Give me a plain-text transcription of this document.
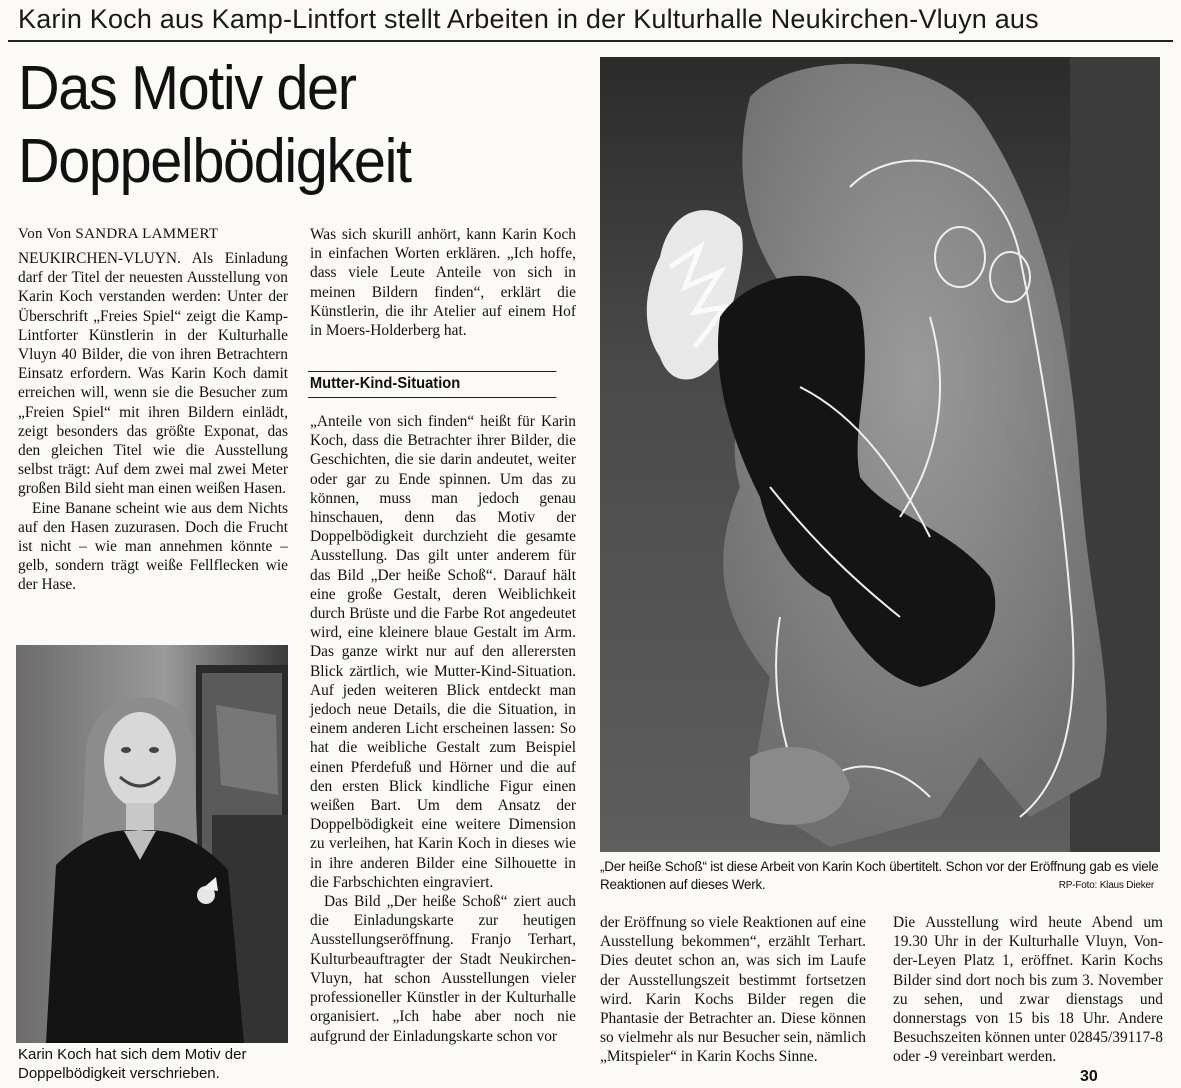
Karin Koch aus Kamp-Lintfort stellt Arbeiten in der Kulturhalle Neukirchen-Vluyn aus
Das Motiv der
Doppelbödigkeit
Von Von SANDRA LAMMERT

NEUKIRCHEN-VLUYN. Als Einladung darf der Titel der neuesten Ausstellung von Karin Koch verstanden werden: Unter der Überschrift „Freies Spiel“ zeigt die Kamp-Lintforter Künstlerin in der Kulturhalle Vluyn 40 Bilder, die von ihren Betrachtern Einsatz erfordern. Was Karin Koch damit erreichen will, wenn sie die Besucher zum „Freien Spiel“ mit ihren Bildern einlädt, zeigt besonders das größte Exponat, das den gleichen Titel wie die Ausstellung selbst trägt: Auf dem zwei mal zwei Meter großen Bild sieht man einen weißen Hasen.

Eine Banane scheint wie aus dem Nichts auf den Hasen zuzurasen. Doch die Frucht ist nicht – wie man annehmen könnte – gelb, sondern trägt weiße Fellflecken wie der Hase.

Was sich skurill anhört, kann Karin Koch in einfachen Worten erklären. „Ich hoffe, dass viele Leute Anteile von sich in meinen Bildern finden“, erklärt die Künstlerin, die ihr Atelier auf einem Hof in Moers-Holderberg hat.

Mutter-Kind-Situation

„Anteile von sich finden“ heißt für Karin Koch, dass die Betrachter ihrer Bilder, die Geschichten, die sie darin andeutet, weiter oder gar zu Ende spinnen. Um das zu können, muss man jedoch genau hinschauen, denn das Motiv der Doppelbödigkeit durchzieht die gesamte Ausstellung. Das gilt unter anderem für das Bild „Der heiße Schoß“. Darauf hält eine große Gestalt, deren Weiblichkeit durch Brüste und die Farbe Rot angedeutet wird, eine kleinere blaue Gestalt im Arm. Das ganze wirkt nur auf den allerersten Blick zärtlich, wie Mutter-Kind-Situation. Auf jeden weiteren Blick entdeckt man jedoch neue Details, die die Situation, in einem anderen Licht erscheinen lassen: So hat die weibliche Gestalt zum Beispiel einen Pferdefuß und Hörner und die auf den ersten Blick kindliche Figur einen weißen Bart. Um dem Ansatz der Doppelbödigkeit eine weitere Dimension zu verleihen, hat Karin Koch in dieses wie in ihre anderen Bilder eine Silhouette in die Farbschichten eingraviert.

Das Bild „Der heiße Schoß“ ziert auch die Einladungskarte zur heutigen Ausstellungseröffnung. Franjo Terhart, Kulturbeauftragter der Stadt Neukirchen-Vluyn, hat schon Ausstellungen vieler professioneller Künstler in der Kulturhalle organisiert. „Ich habe aber noch nie aufgrund der Einladungskarte schon vor

der Eröffnung so viele Reaktionen auf eine Ausstellung bekommen“, erzählt Terhart. Dies deutet schon an, was sich im Laufe der Ausstellungszeit bestimmt fortsetzen wird. Karin Kochs Bilder regen die Phantasie der Betrachter an. Diese können so vielmehr als nur Besucher sein, nämlich „Mitspieler“ in Karin Kochs Sinne.

Die Ausstellung wird heute Abend um 19.30 Uhr in der Kulturhalle Vluyn, Von-der-Leyen Platz 1, eröffnet. Karin Kochs Bilder sind dort noch bis zum 3. November zu sehen, und zwar dienstags und donnerstags von 15 bis 18 Uhr. Andere Besuchszeiten können unter 02845/39117-8 oder -9 vereinbart werden.

Karin Koch hat sich dem Motiv der Doppelbödigkeit verschrieben.
„Der heiße Schoß“ ist diese Arbeit von Karin Koch übertitelt. Schon vor der Eröffnung gab es viele Reaktionen auf dieses Werk.	RP-Foto: Klaus Dieker
30
